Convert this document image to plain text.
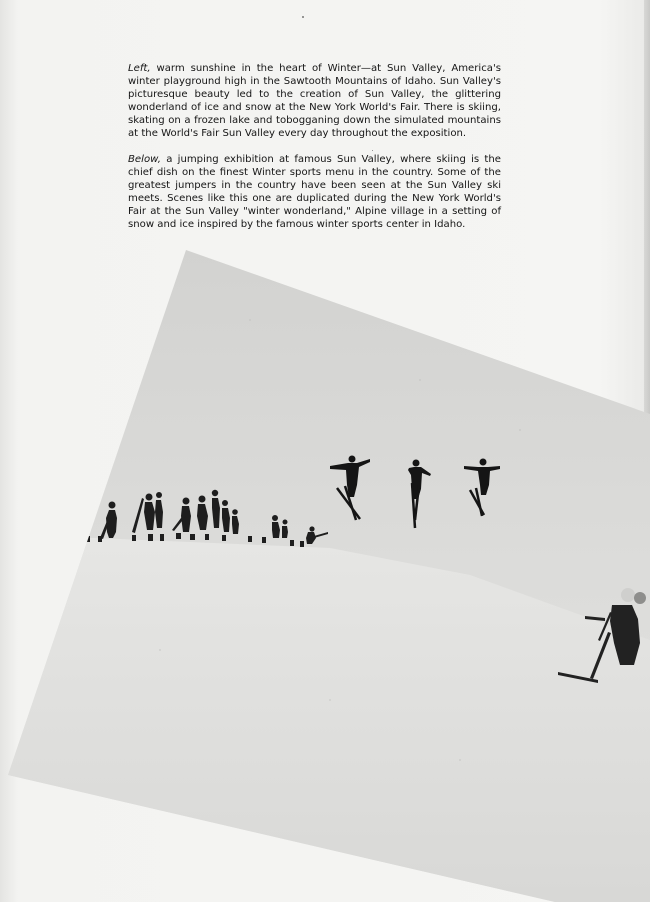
Left, warm sunshine in the heart of Winter—at Sun Valley, America's winter playground high in the Sawtooth Mountains of Idaho. Sun Valley's picturesque beauty led to the creation of Sun Valley, the glittering wonderland of ice and snow at the New York World's Fair. There is skiing, skating on a frozen lake and tobogganing down the simulated mountains at the World's Fair Sun Valley every day throughout the exposition.

Below, a jumping exhibition at famous Sun Valley, where skiing is the chief dish on the finest Winter sports menu in the country. Some of the greatest jumpers in the country have been seen at the Sun Valley ski meets. Scenes like this one are duplicated during the New York World's Fair at the Sun Valley "winter wonderland," Alpine village in a setting of snow and ice inspired by the famous winter sports center in Idaho.
